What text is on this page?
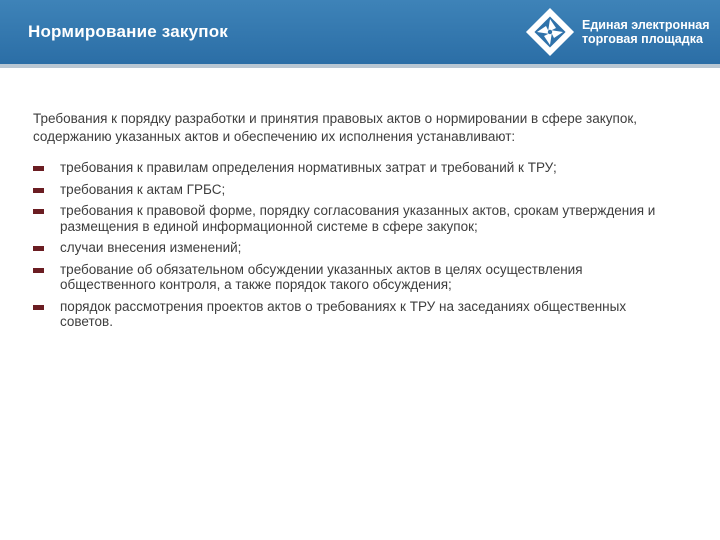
Нормирование закупок	Единая электронная
торговая площадка

Требования к порядку разработки и принятия правовых актов о нормировании в сфере закупок, содержанию указанных актов и обеспечению их исполнения устанавливают:

требования к правилам определения нормативных затрат и требований к ТРУ;
требования к актам ГРБС;
требования к правовой форме, порядку согласования указанных актов, срокам утверждения и размещения в единой информационной системе в сфере закупок;
случаи внесения изменений;
требование об обязательном обсуждении указанных актов в целях осуществления общественного контроля, а также порядок такого обсуждения;
порядок рассмотрения проектов актов о требованиях к ТРУ на заседаниях общественных советов.
